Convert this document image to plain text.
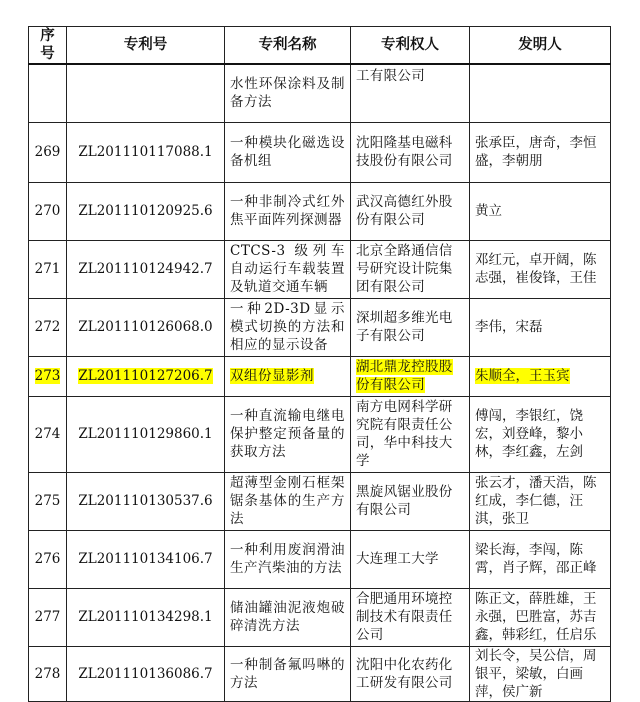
序号	专利号	专利名称	专利权人	发明人
		水性环保涂料及制备方法	工有限公司	
269	ZL201110117088.1	一种模块化磁选设备机组	沈阳隆基电磁科技股份有限公司	张承臣，唐奇，李恒盛，李朝朋
270	ZL201110120925.6	一种非制冷式红外焦平面阵列探测器	武汉高德红外股份有限公司	黄立
271	ZL201110124942.7	CTCS-3 级列车自动运行车载装置及轨道交通车辆	北京全路通信信号研究设计院集团有限公司	邓红元，卓开阔，陈志强，崔俊锋，王佳
272	ZL201110126068.0	一种2D-3D显示模式切换的方法和相应的显示设备	深圳超多维光电子有限公司	李伟，宋磊
273	ZL201110127206.7	双组份显影剂	湖北鼎龙控股股份有限公司	朱顺全，王玉宾
274	ZL201110129860.1	一种直流输电继电保护整定预备量的获取方法	南方电网科学研究院有限责任公司，华中科技大学	傅闯，李银红，饶宏，刘登峰，黎小林，李红鑫，左剑
275	ZL201110130537.6	超薄型金刚石框架锯条基体的生产方法	黑旋风锯业股份有限公司	张云才，潘天浩，陈红成，李仁德，汪淇，张卫
276	ZL201110134106.7	一种利用废润滑油生产汽柴油的方法	大连理工大学	梁长海，李闯，陈霄，肖子辉，邵正峰
277	ZL201110134298.1	储油罐油泥液炮破碎清洗方法	合肥通用环境控制技术有限责任公司	陈正文，薛胜雄，王永强，巴胜富，苏吉鑫，韩彩红，任启乐
278	ZL201110136086.7	一种制备氟吗啉的方法	沈阳中化农药化工研发有限公司	刘长令，吴公信，周银平，梁敏，白画萍，侯广新
